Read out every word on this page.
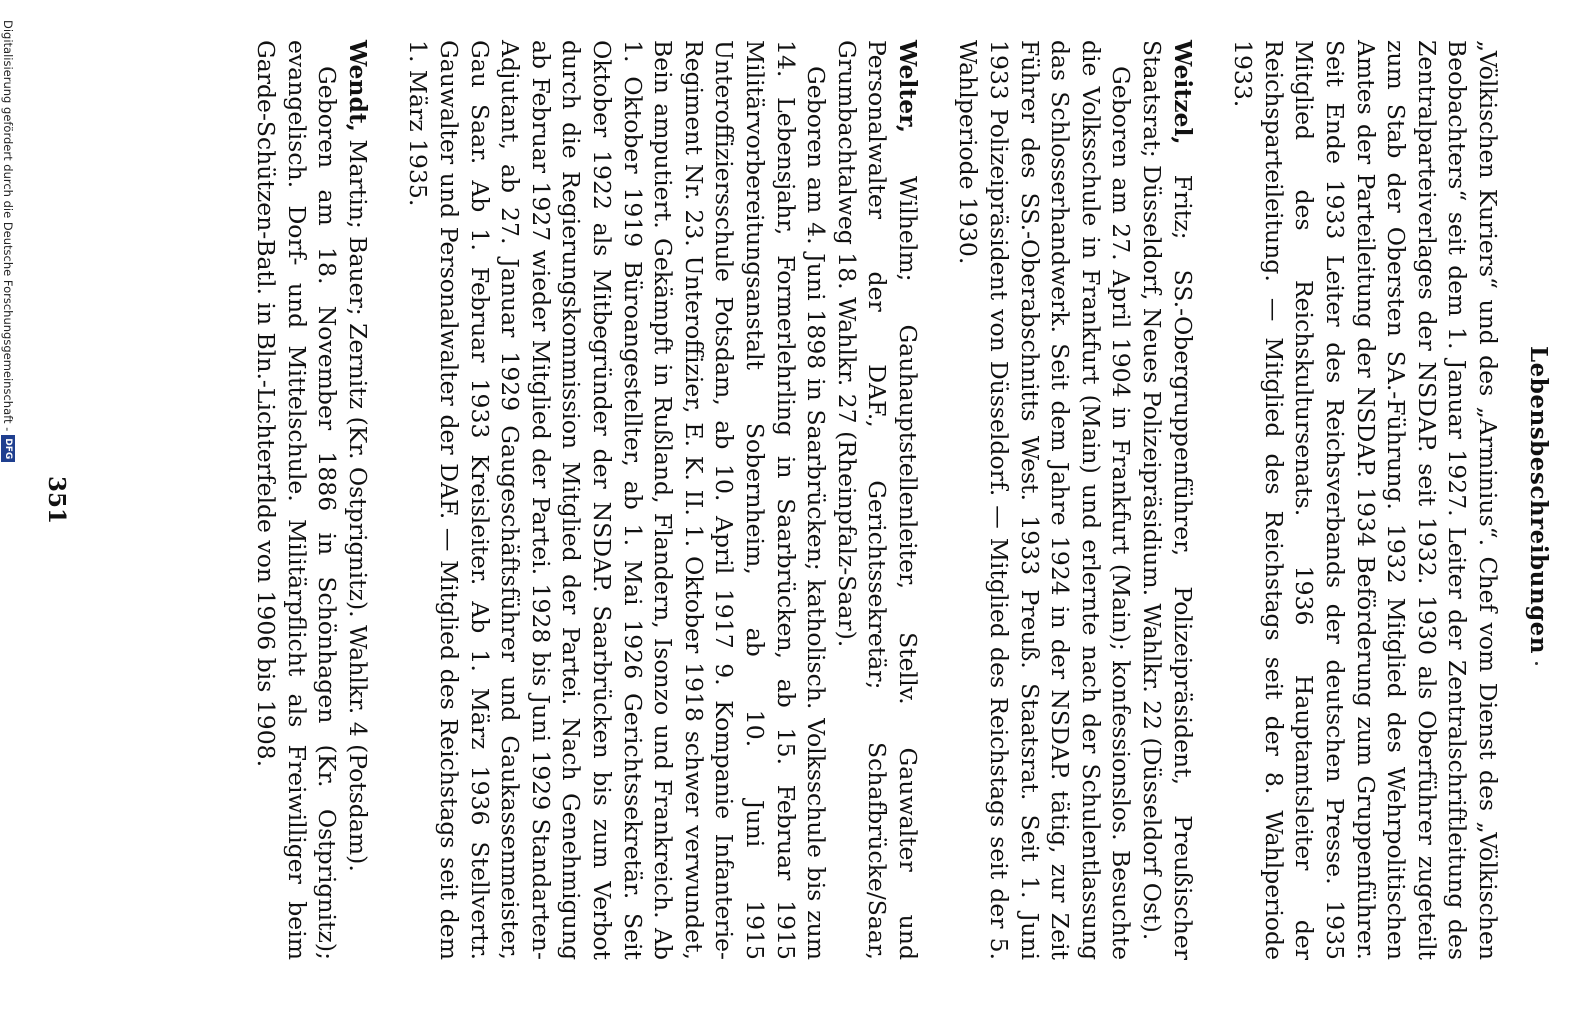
Lebensbeschreibungen

„Völkischen Kuriers“ und des „Arminius“. Chef vom Dienst des „Völkischen Beobachters“ seit dem 1. Januar 1927. Leiter der Zentralschriftleitung des Zentralparteiverlages der NSDAP. seit 1932. 1930 als Oberführer zugeteilt zum Stab der Obersten SA.-Führung. 1932 Mitglied des Wehrpolitischen Amtes der Parteileitung der NSDAP. 1934 Beförderung zum Gruppenführer. Seit Ende 1933 Leiter des Reichsverbands der deutschen Presse. 1935 Mitglied des Reichskultursenats. 1936 Hauptamtsleiter der Reichsparteileitung. — Mitglied des Reichstags seit der 8. Wahlperiode 1933.

Weitzel, Fritz; SS.-Obergruppenführer, Polizeipräsident, Preußischer Staatsrat; Düsseldorf, Neues Polizeipräsidium. Wahlkr. 22 (Düsseldorf Ost).

Geboren am 27. April 1904 in Frankfurt (Main); konfessionslos. Besuchte die Volksschule in Frankfurt (Main) und erlernte nach der Schulentlassung das Schlosserhandwerk. Seit dem Jahre 1924 in der NSDAP. tätig, zur Zeit Führer des SS.-Oberabschnitts West. 1933 Preuß. Staatsrat. Seit 1. Juni 1933 Polizeipräsident von Düsseldorf. — Mitglied des Reichstags seit der 5. Wahlperiode 1930.

Welter, Wilhelm; Gauhauptstellenleiter, Stellv. Gauwalter und Personalwalter der DAF., Gerichtssekretär; Schafbrücke/Saar, Grumbachtalweg 18. Wahlkr. 27 (Rheinpfalz-Saar).

Geboren am 4. Juni 1898 in Saarbrücken; katholisch. Volksschule bis zum 14. Lebensjahr, Formerlehrling in Saarbrücken, ab 15. Februar 1915 Militärvorbereitungsanstalt Sobernheim, ab 10. Juni 1915 Unteroffiziersschule Potsdam, ab 10. April 1917 9. Kompanie Infanterie-Regiment Nr. 23. Unteroffizier, E. K. II. 1. Oktober 1918 schwer verwundet, Bein amputiert. Gekämpft in Rußland, Flandern, Isonzo und Frankreich. Ab 1. Oktober 1919 Büroangestellter, ab 1. Mai 1926 Gerichtssekretär. Seit Oktober 1922 als Mitbegründer der NSDAP. Saarbrücken bis zum Verbot durch die Regierungskommission Mitglied der Partei. Nach Genehmigung ab Februar 1927 wieder Mitglied der Partei. 1928 bis Juni 1929 Standarten-Adjutant, ab 27. Januar 1929 Gaugeschäftsführer und Gaukassenmeister, Gau Saar. Ab 1. Februar 1933 Kreisleiter. Ab 1. März 1936 Stellvertr. Gauwalter und Personalwalter der DAF. — Mitglied des Reichstags seit dem 1. März 1935.

Wendt, Martin; Bauer; Zernitz (Kr. Ostprignitz). Wahlkr. 4 (Potsdam).

Geboren am 18. November 1886 in Schönhagen (Kr. Ostprignitz); evangelisch. Dorf- und Mittelschule. Militärpflicht als Freiwilliger beim Garde-Schützen-Batl. in Bln.-Lichterfelde von 1906 bis 1908.

351
Digitalisierung gefördert durch die Deutsche Forschungsgemeinschaft -
DFG
